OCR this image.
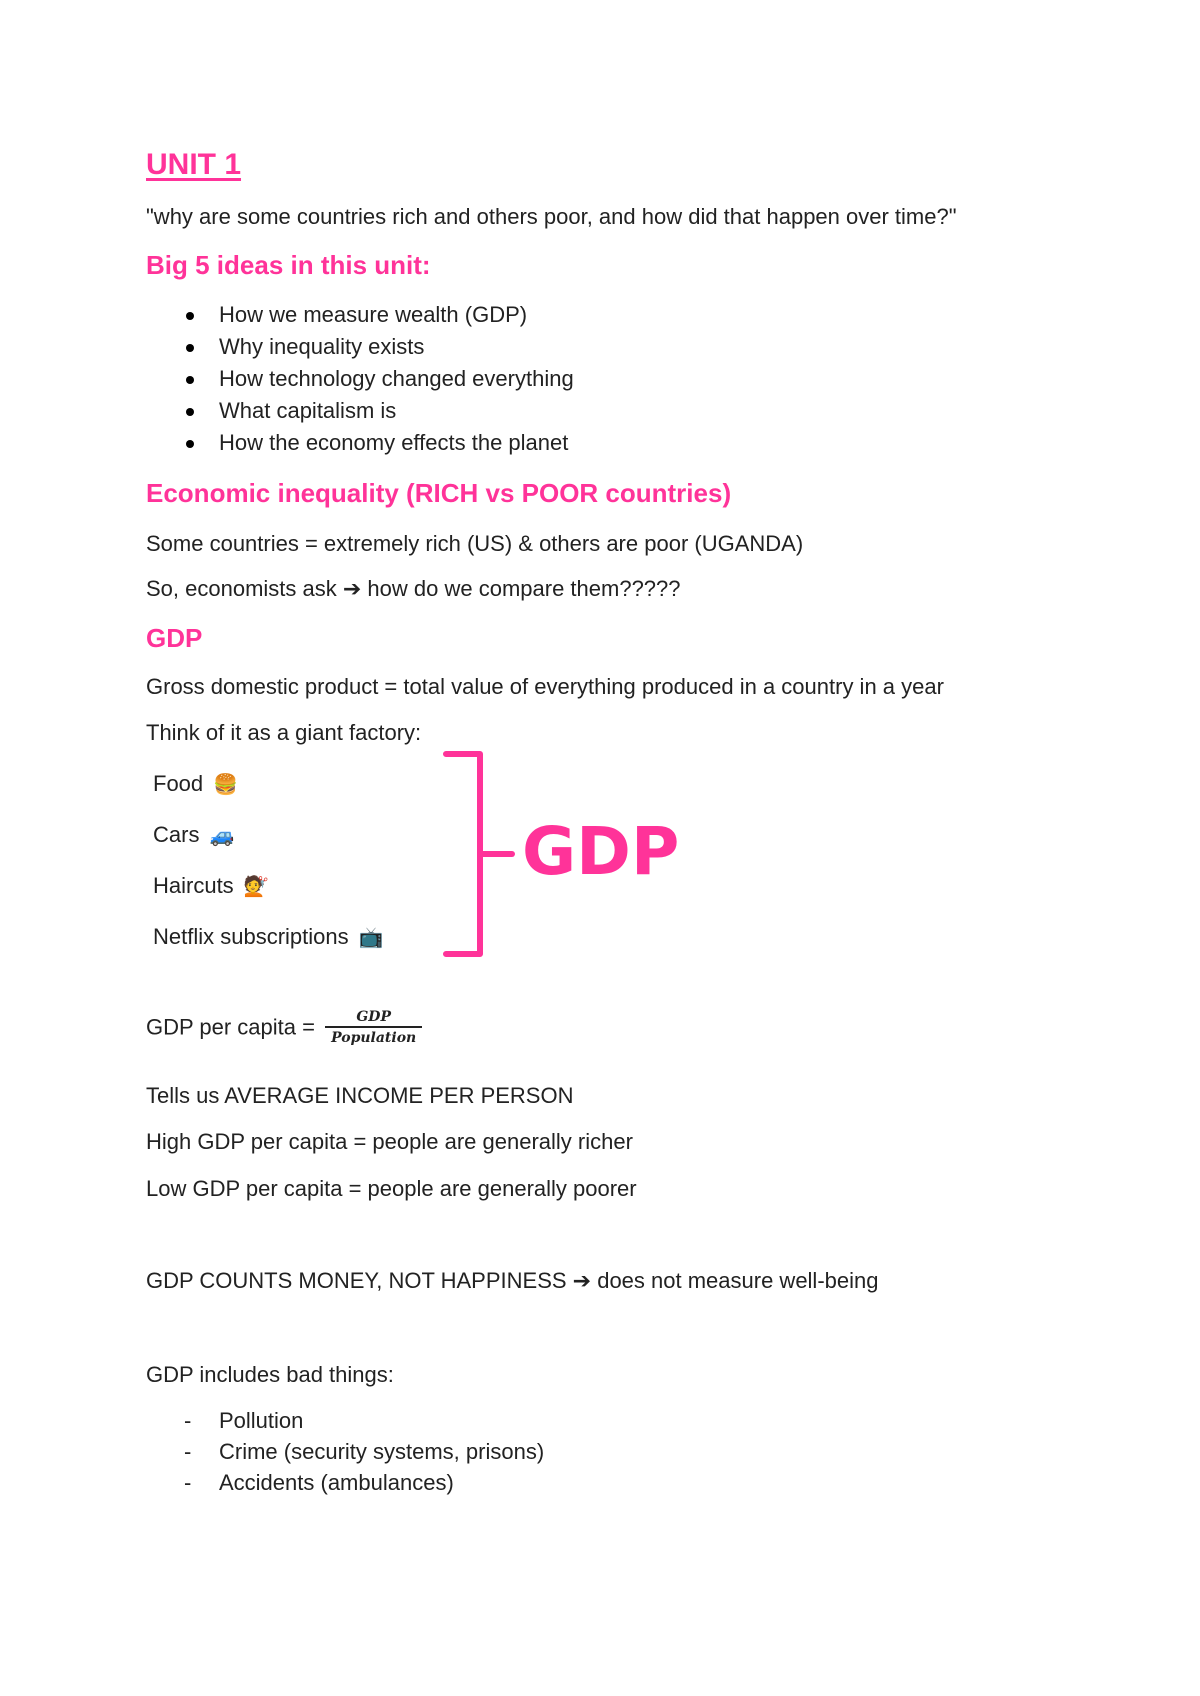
UNIT 1
"why are some countries rich and others poor, and how did that happen over time?"
Big 5 ideas in this unit:
How we measure wealth (GDP)
Why inequality exists
How technology changed everything
What capitalism is
How the economy effects the planet
Economic inequality (RICH vs POOR countries)
Some countries = extremely rich (US) & others are poor (UGANDA)
So, economists ask ➔ how do we compare them?????
GDP
Gross domestic product = total value of everything produced in a country in a year
Think of it as a giant factory:
Food 🍔
Cars 🚙
Haircuts 💇
Netflix subscriptions 📺
GDP
GDP per capita = $\frac{\text{GDP}}{\text{Population}}$
Tells us AVERAGE INCOME PER PERSON
High GDP per capita = people are generally richer
Low GDP per capita = people are generally poorer
GDP COUNTS MONEY, NOT HAPPINESS ➔ does not measure well-being
GDP includes bad things:
- Pollution
- Crime (security systems, prisons)
- Accidents (ambulances)
